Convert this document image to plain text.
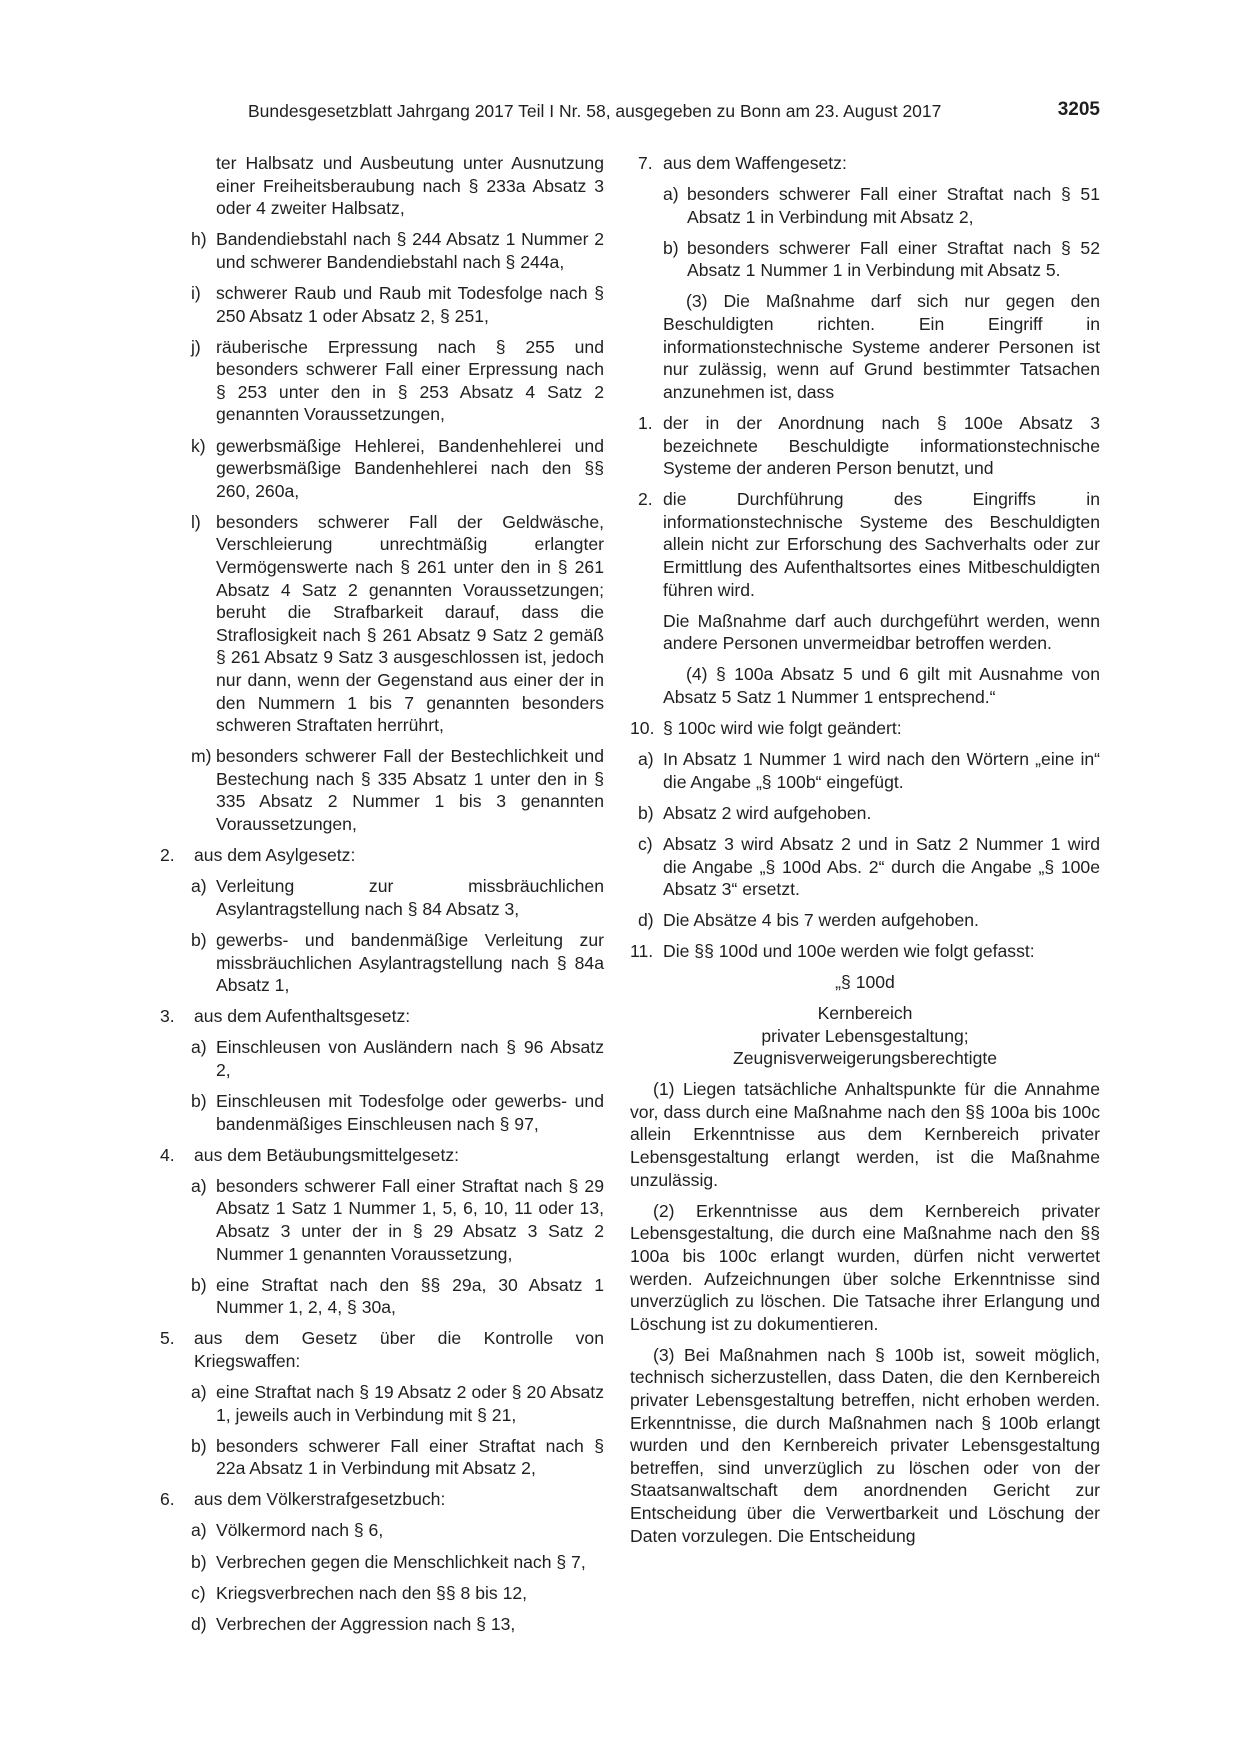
Bundesgesetzblatt Jahrgang 2017 Teil I Nr. 58, ausgegeben zu Bonn am 23. August 2017	3205
ter Halbsatz und Ausbeutung unter Ausnutzung einer Freiheitsberaubung nach § 233a Absatz 3 oder 4 zweiter Halbsatz,
h) Bandendiebstahl nach § 244 Absatz 1 Nummer 2 und schwerer Bandendiebstahl nach § 244a,
i) schwerer Raub und Raub mit Todesfolge nach § 250 Absatz 1 oder Absatz 2, § 251,
j) räuberische Erpressung nach § 255 und besonders schwerer Fall einer Erpressung nach § 253 unter den in § 253 Absatz 4 Satz 2 genannten Voraussetzungen,
k) gewerbsmäßige Hehlerei, Bandenhehlerei und gewerbsmäßige Bandenhehlerei nach den §§ 260, 260a,
l) besonders schwerer Fall der Geldwäsche, Verschleierung unrechtmäßig erlangter Vermögenswerte nach § 261 unter den in § 261 Absatz 4 Satz 2 genannten Voraussetzungen; beruht die Strafbarkeit darauf, dass die Straflosigkeit nach § 261 Absatz 9 Satz 2 gemäß § 261 Absatz 9 Satz 3 ausgeschlossen ist, jedoch nur dann, wenn der Gegenstand aus einer der in den Nummern 1 bis 7 genannten besonders schweren Straftaten herrührt,
m) besonders schwerer Fall der Bestechlichkeit und Bestechung nach § 335 Absatz 1 unter den in § 335 Absatz 2 Nummer 1 bis 3 genannten Voraussetzungen,
2. aus dem Asylgesetz:
a) Verleitung zur missbräuchlichen Asylantragstellung nach § 84 Absatz 3,
b) gewerbs- und bandenmäßige Verleitung zur missbräuchlichen Asylantragstellung nach § 84a Absatz 1,
3. aus dem Aufenthaltsgesetz:
a) Einschleusen von Ausländern nach § 96 Absatz 2,
b) Einschleusen mit Todesfolge oder gewerbs- und bandenmäßiges Einschleusen nach § 97,
4. aus dem Betäubungsmittelgesetz:
a) besonders schwerer Fall einer Straftat nach § 29 Absatz 1 Satz 1 Nummer 1, 5, 6, 10, 11 oder 13, Absatz 3 unter der in § 29 Absatz 3 Satz 2 Nummer 1 genannten Voraussetzung,
b) eine Straftat nach den §§ 29a, 30 Absatz 1 Nummer 1, 2, 4, § 30a,
5. aus dem Gesetz über die Kontrolle von Kriegswaffen:
a) eine Straftat nach § 19 Absatz 2 oder § 20 Absatz 1, jeweils auch in Verbindung mit § 21,
b) besonders schwerer Fall einer Straftat nach § 22a Absatz 1 in Verbindung mit Absatz 2,
6. aus dem Völkerstrafgesetzbuch:
a) Völkermord nach § 6,
b) Verbrechen gegen die Menschlichkeit nach § 7,
c) Kriegsverbrechen nach den §§ 8 bis 12,
d) Verbrechen der Aggression nach § 13,
7. aus dem Waffengesetz:
a) besonders schwerer Fall einer Straftat nach § 51 Absatz 1 in Verbindung mit Absatz 2,
b) besonders schwerer Fall einer Straftat nach § 52 Absatz 1 Nummer 1 in Verbindung mit Absatz 5.
(3) Die Maßnahme darf sich nur gegen den Beschuldigten richten. Ein Eingriff in informationstechnische Systeme anderer Personen ist nur zulässig, wenn auf Grund bestimmter Tatsachen anzunehmen ist, dass
1. der in der Anordnung nach § 100e Absatz 3 bezeichnete Beschuldigte informationstechnische Systeme der anderen Person benutzt, und
2. die Durchführung des Eingriffs in informationstechnische Systeme des Beschuldigten allein nicht zur Erforschung des Sachverhalts oder zur Ermittlung des Aufenthaltsortes eines Mitbeschuldigten führen wird.
Die Maßnahme darf auch durchgeführt werden, wenn andere Personen unvermeidbar betroffen werden.
(4) § 100a Absatz 5 und 6 gilt mit Ausnahme von Absatz 5 Satz 1 Nummer 1 entsprechend.“
10. § 100c wird wie folgt geändert:
a) In Absatz 1 Nummer 1 wird nach den Wörtern „eine in“ die Angabe „§ 100b“ eingefügt.
b) Absatz 2 wird aufgehoben.
c) Absatz 3 wird Absatz 2 und in Satz 2 Nummer 1 wird die Angabe „§ 100d Abs. 2“ durch die Angabe „§ 100e Absatz 3“ ersetzt.
d) Die Absätze 4 bis 7 werden aufgehoben.
11. Die §§ 100d und 100e werden wie folgt gefasst:
„§ 100d
Kernbereich
privater Lebensgestaltung;
Zeugnisverweigerungsberechtigte
(1) Liegen tatsächliche Anhaltspunkte für die Annahme vor, dass durch eine Maßnahme nach den §§ 100a bis 100c allein Erkenntnisse aus dem Kernbereich privater Lebensgestaltung erlangt werden, ist die Maßnahme unzulässig.
(2) Erkenntnisse aus dem Kernbereich privater Lebensgestaltung, die durch eine Maßnahme nach den §§ 100a bis 100c erlangt wurden, dürfen nicht verwertet werden. Aufzeichnungen über solche Erkenntnisse sind unverzüglich zu löschen. Die Tatsache ihrer Erlangung und Löschung ist zu dokumentieren.
(3) Bei Maßnahmen nach § 100b ist, soweit möglich, technisch sicherzustellen, dass Daten, die den Kernbereich privater Lebensgestaltung betreffen, nicht erhoben werden. Erkenntnisse, die durch Maßnahmen nach § 100b erlangt wurden und den Kernbereich privater Lebensgestaltung betreffen, sind unverzüglich zu löschen oder von der Staatsanwaltschaft dem anordnenden Gericht zur Entscheidung über die Verwertbarkeit und Löschung der Daten vorzulegen. Die Entscheidung
